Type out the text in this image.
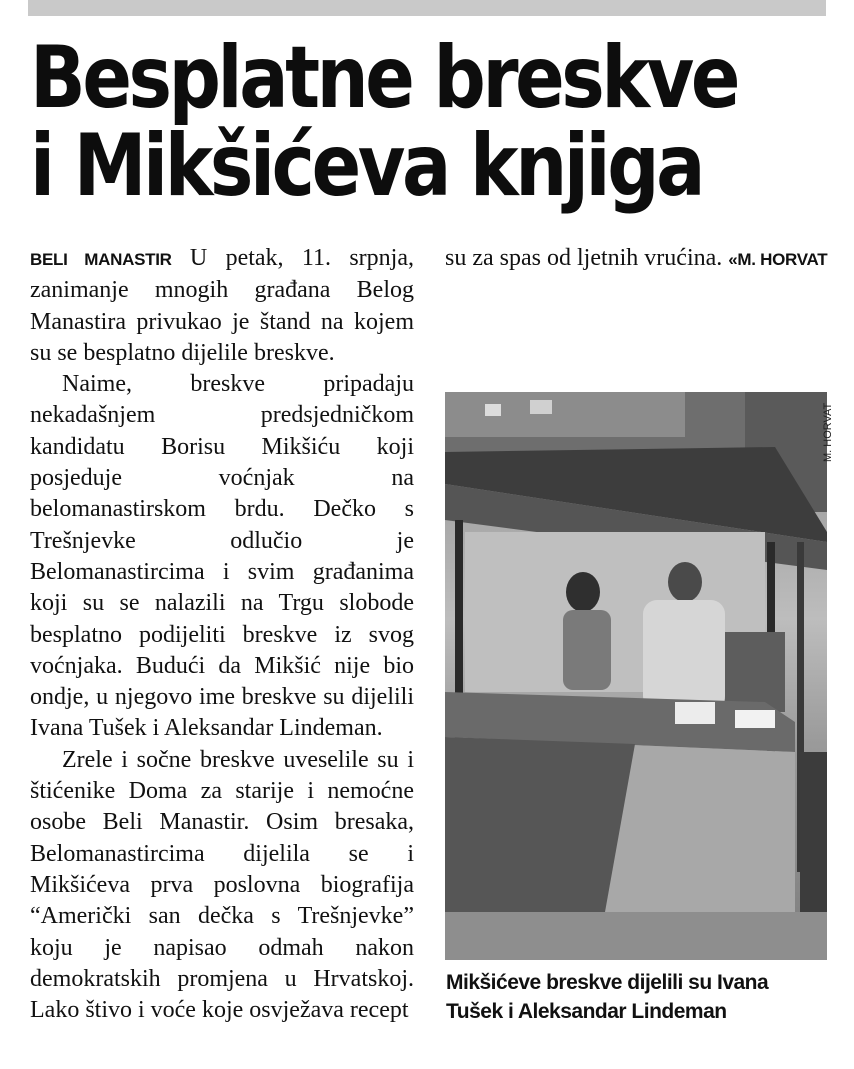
Besplatne breskve
i Mikšićeva knjiga

BELI MANASTIR U petak, 11. srpnja, zanimanje mnogih građana Belog Manastira privukao je štand na kojem su se besplatno dijelile breskve.

Naime, breskve pripadaju nekadašnjem predsjedničkom kandidatu Borisu Mikšiću koji posjeduje voćnjak na belomanastirskom brdu. Dečko s Trešnjevke odlučio je Belomanastircima i svim građanima koji su se nalazili na Trgu slobode besplatno podijeliti breskve iz svog voćnjaka. Budući da Mikšić nije bio ondje, u njegovo ime breskve su dijelili Ivana Tušek i Aleksandar Lindeman.

Zrele i sočne breskve uveselile su i štićenike Doma za starije i nemoćne osobe Beli Manastir. Osim bresaka, Belomanastircima dijelila se i Mikšićeva prva poslovna biografija “Američki san dečka s Trešnjevke” koju je napisao odmah nakon demokratskih promjena u Hrvatskoj. Lako štivo i voće koje osvježava recept

M. HORVAT

Mikšićeve breskve dijelili su Ivana Tušek i Aleksandar Lindeman

su za spas od ljetnih vrućina. «M. HORVAT
